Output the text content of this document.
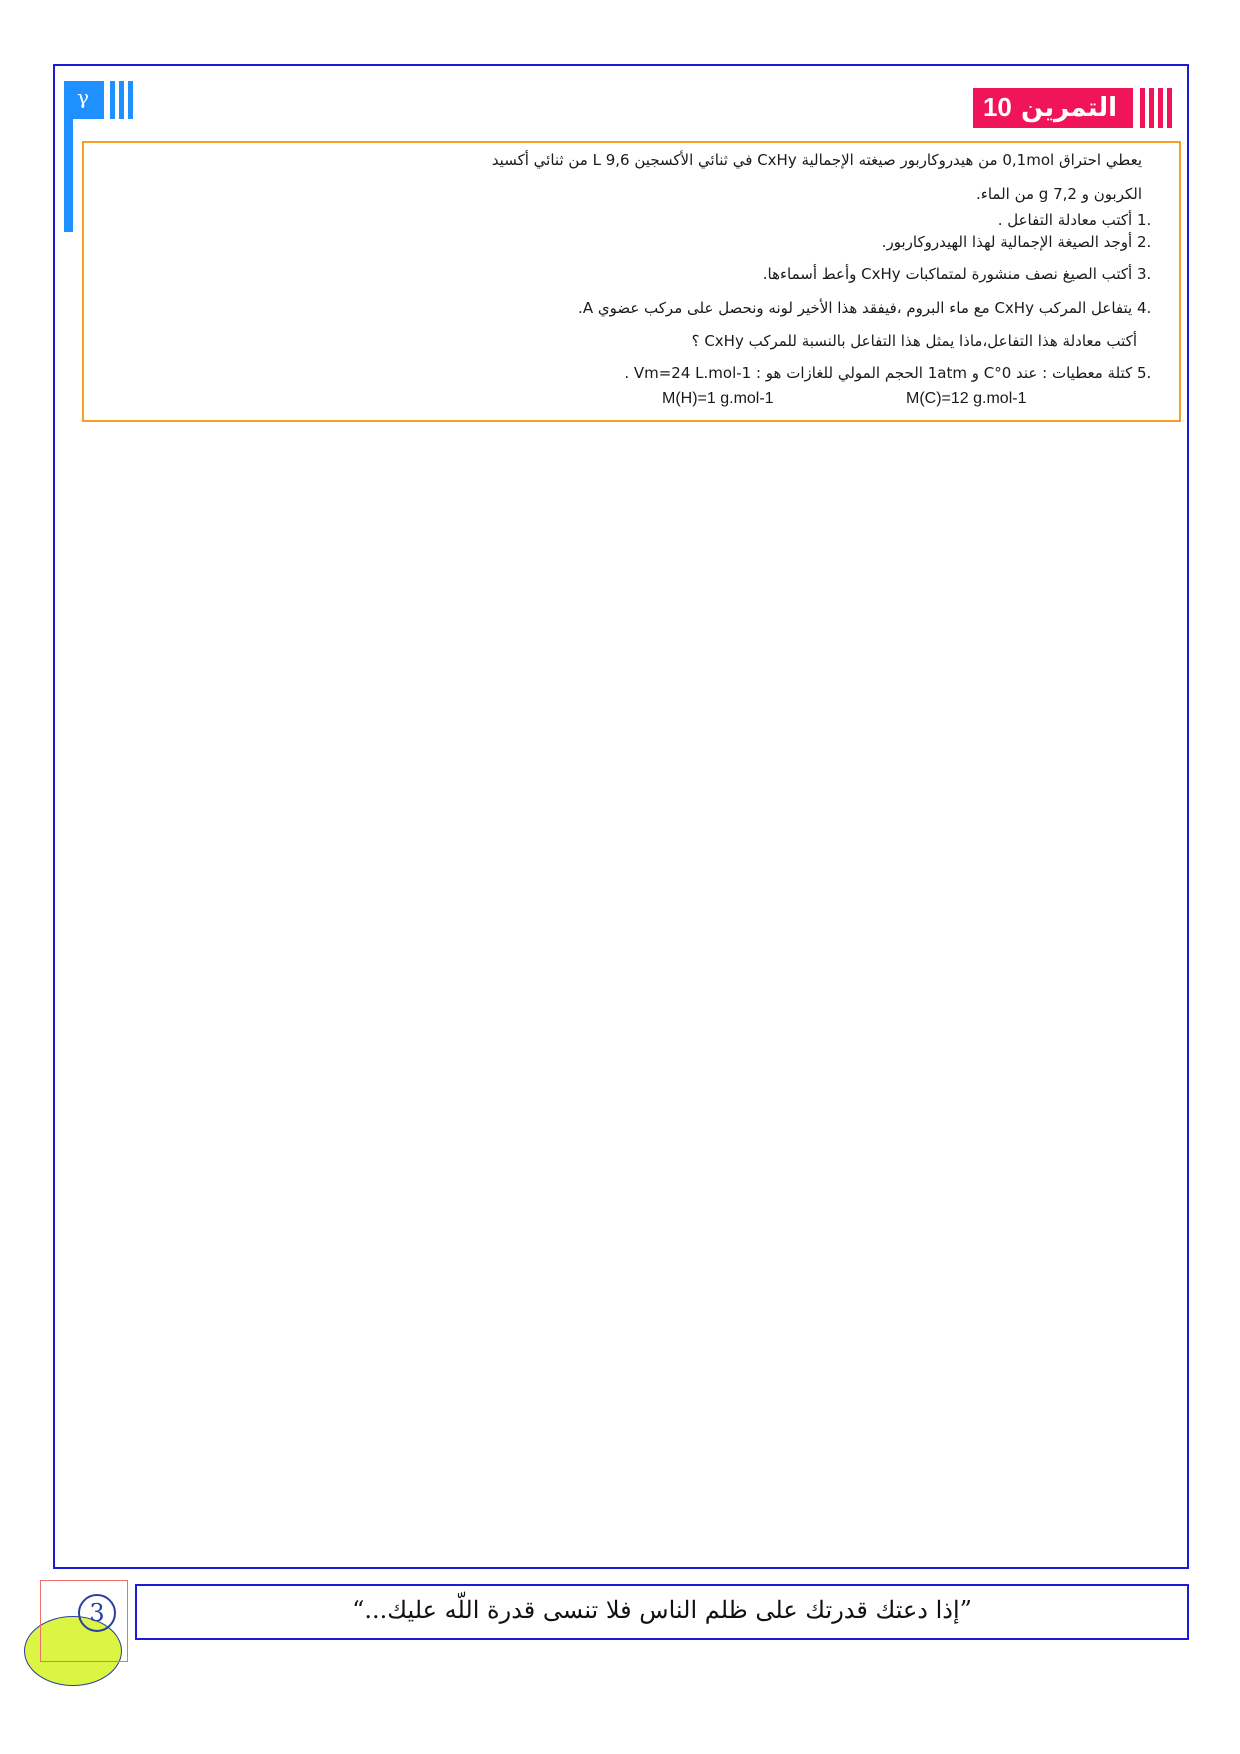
γ	التمرين 10
يعطي احتراق 0,1mol من هيدروكاربور صيغته الإجمالية CxHy في ثنائي الأكسجين 9,6 L من ثنائي أكسيد
الكربون و 7,2 g من الماء.
1. أكتب معادلة التفاعل .
2. أوجد الصيغة الإجمالية لهذا الهيدروكاربور.
3. أكتب الصيغ نصف منشورة لمتماكبات CxHy وأعط أسماءها.
4. يتفاعل المركب CxHy مع ماء البروم ،فيفقد هذا الأخير لونه ونحصل على مركب عضوي A.
أكتب معادلة هذا التفاعل،ماذا يمثل هذا التفاعل بالنسبة للمركب CxHy ؟
5. كتلة معطيات : عند 0°C و 1atm الحجم المولي للغازات هو : Vm=24 L.mol-1 .
M(C)=12 g.mol-1
M(H)=1 g.mol-1
3	”إذا دعتك قدرتك على ظلم الناس فلا تنسى قدرة اللّه عليك...“
